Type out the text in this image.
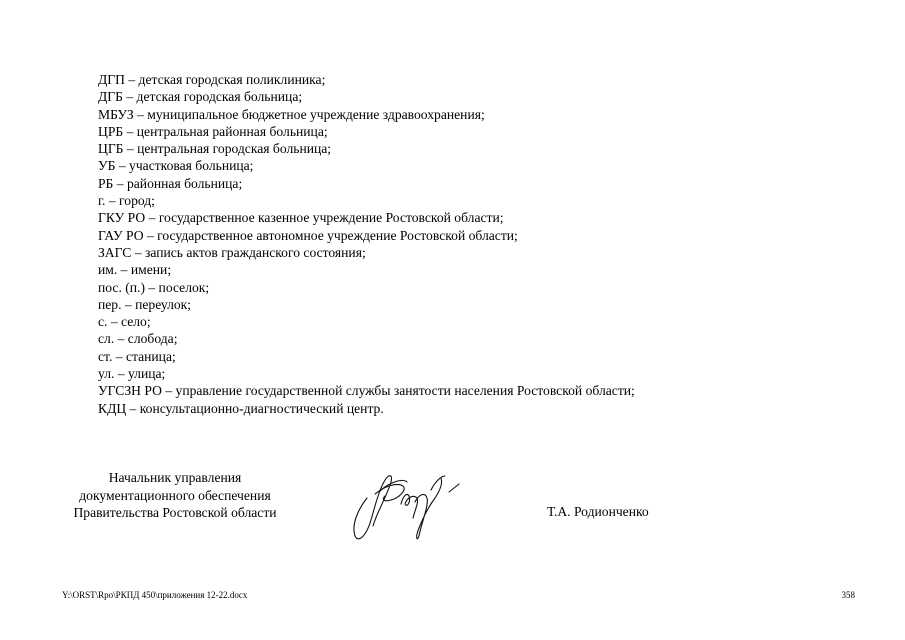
ДГП – детская городская поликлиника;
ДГБ – детская городская больница;
МБУЗ – муниципальное бюджетное учреждение здравоохранения;
ЦРБ – центральная районная больница;
ЦГБ – центральная городская больница;
УБ – участковая больница;
РБ – районная больница;
г. – город;
ГКУ РО – государственное казенное учреждение Ростовской области;
ГАУ РО – государственное автономное учреждение Ростовской области;
ЗАГС – запись актов гражданского состояния;
им. – имени;
пос. (п.) – поселок;
пер. – переулок;
с. – село;
сл. – слобода;
ст. – станица;
ул. – улица;
УГСЗН РО – управление государственной службы занятости населения Ростовской области;
КДЦ – консультационно-диагностический центр.
Начальник управления
документационного обеспечения
Правительства Ростовской области	Т.А. Родионченко
Y:\ORST\Rpo\РКПД 450\приложения 12-22.docx	358
